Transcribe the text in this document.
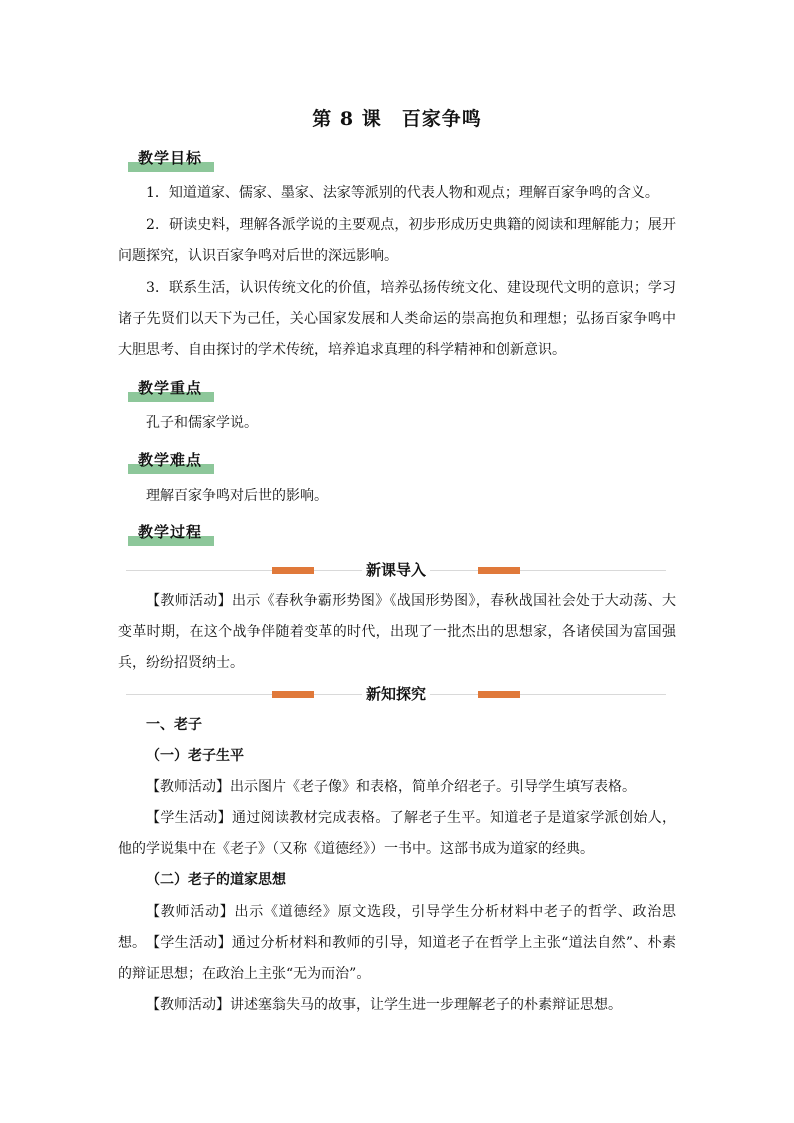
第 8 课　百家争鸣
教学目标

1．知道道家、儒家、墨家、法家等派别的代表人物和观点；理解百家争鸣的含义。

2．研读史料，理解各派学说的主要观点，初步形成历史典籍的阅读和理解能力；展开问题探究，认识百家争鸣对后世的深远影响。

3．联系生活，认识传统文化的价值，培养弘扬传统文化、建设现代文明的意识；学习诸子先贤们以天下为己任，关心国家发展和人类命运的崇高抱负和理想；弘扬百家争鸣中大胆思考、自由探讨的学术传统，培养追求真理的科学精神和创新意识。

教学重点

孔子和儒家学说。

教学难点

理解百家争鸣对后世的影响。

教学过程
新课导入

【教师活动】出示《春秋争霸形势图》《战国形势图》，春秋战国社会处于大动荡、大变革时期，在这个战争伴随着变革的时代，出现了一批杰出的思想家，各诸侯国为富国强兵，纷纷招贤纳士。

新知探究

一、老子

（一）老子生平

【教师活动】出示图片《老子像》和表格，简单介绍老子。引导学生填写表格。

【学生活动】通过阅读教材完成表格。了解老子生平。知道老子是道家学派创始人，他的学说集中在《老子》（又称《道德经》）一书中。这部书成为道家的经典。

（二）老子的道家思想

【教师活动】出示《道德经》原文选段，引导学生分析材料中老子的哲学、政治思想。 【学生活动】通过分析材料和教师的引导，知道老子在哲学上主张“道法自然”、朴素的辩证思想；在政治上主张“无为而治”。

【教师活动】讲述塞翁失马的故事，让学生进一步理解老子的朴素辩证思想。
